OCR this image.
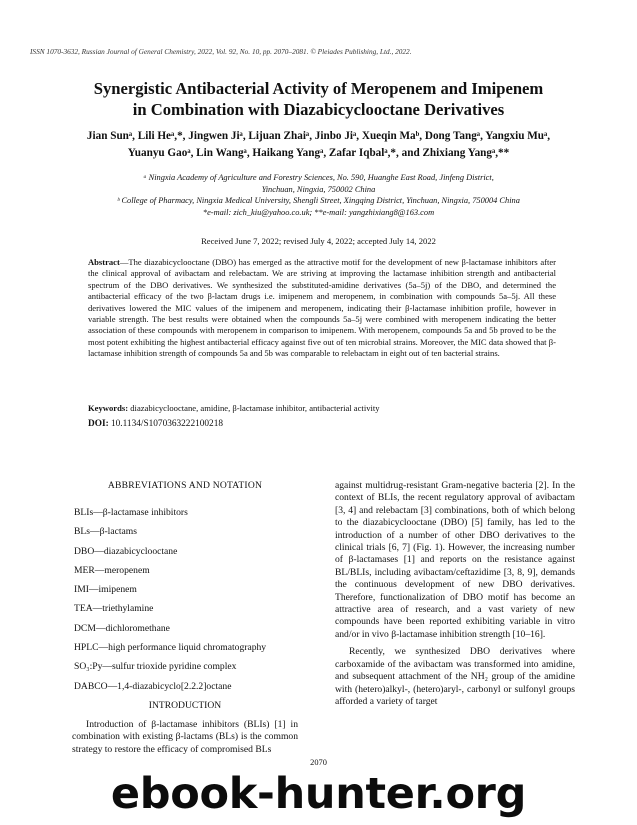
ISSN 1070-3632, Russian Journal of General Chemistry, 2022, Vol. 92, No. 10, pp. 2070–2081. © Pleiades Publishing, Ltd., 2022.
Synergistic Antibacterial Activity of Meropenem and Imipenem
in Combination with Diazabicyclooctane Derivatives
Jian Sunᵃ, Lili Heᵃ,*, Jingwen Jiᵃ, Lijuan Zhaiᵃ, Jinbo Jiᵃ, Xueqin Maᵇ, Dong Tangᵃ, Yangxiu Muᵃ,
Yuanyu Gaoᵃ, Lin Wangᵃ, Haikang Yangᵃ, Zafar Iqbalᵃ,*, and Zhixiang Yangᵃ,**
ᵃ Ningxia Academy of Agriculture and Forestry Sciences, No. 590, Huanghe East Road, Jinfeng District,
Yinchuan, Ningxia, 750002 China
ᵇ College of Pharmacy, Ningxia Medical University, Shengli Street, Xingqing District, Yinchuan, Ningxia, 750004 China
*e-mail: zich_kiu@yahoo.co.uk; **e-mail: yangzhixiang8@163.com
Received June 7, 2022; revised July 4, 2022; accepted July 14, 2022
Abstract—The diazabicyclooctane (DBO) has emerged as the attractive motif for the development of new β-lactamase inhibitors after the clinical approval of avibactam and relebactam. We are striving at improving the lactamase inhibition strength and antibacterial spectrum of the DBO derivatives. We synthesized the substituted-amidine derivatives (5a–5j) of the DBO, and determined the antibacterial efficacy of the two β-lactam drugs i.e. imipenem and meropenem, in combination with compounds 5a–5j. All these derivatives lowered the MIC values of the imipenem and meropenem, indicating their β-lactamase inhibition profile, however in variable strength. The best results were obtained when the compounds 5a–5j were combined with meropenem indicating the better association of these compounds with meropenem in comparison to imipenem. With meropenem, compounds 5a and 5b proved to be the most potent exhibiting the highest antibacterial efficacy against five out of ten microbial strains. Moreover, the MIC data showed that β-lactamase inhibition strength of compounds 5a and 5b was comparable to relebactam in eight out of ten bacterial strains.
Keywords: diazabicyclooctane, amidine, β-lactamase inhibitor, antibacterial activity
DOI: 10.1134/S1070363222100218
ABBREVIATIONS AND NOTATION
BLIs—β-lactamase inhibitors
BLs—β-lactams
DBO—diazabicyclooctane
MER—meropenem
IMI—imipenem
TEA—triethylamine
DCM—dichloromethane
HPLC—high performance liquid chromatography
SO₃:Py—sulfur trioxide pyridine complex
DABCO—1,4-diazabicyclo[2.2.2]octane
INTRODUCTION
Introduction of β-lactamase inhibitors (BLIs) [1] in combination with existing β-lactams (BLs) is the common strategy to restore the efficacy of compromised BLs

against multidrug-resistant Gram-negative bacteria [2]. In the context of BLIs, the recent regulatory approval of avibactam [3, 4] and relebactam [3] combinations, both of which belong to the diazabicyclooctane (DBO) [5] family, has led to the introduction of a number of other DBO derivatives to the clinical trials [6, 7] (Fig. 1). However, the increasing number of β-lactamases [1] and reports on the resistance against BL/BLIs, including avibactam/ceftazidime [3, 8, 9], demands the continuous development of new DBO derivatives. Therefore, functionalization of DBO motif has become an attractive area of research, and a vast variety of new compounds have been reported exhibiting variable in vitro and/or in vivo β-lactamase inhibition strength [10–16].

Recently, we synthesized DBO derivatives where carboxamide of the avibactam was transformed into amidine, and subsequent attachment of the NH₂ group of the amidine with (hetero)alkyl-, (hetero)aryl-, carbonyl or sulfonyl groups afforded a variety of target

2070
ebook-hunter.org
